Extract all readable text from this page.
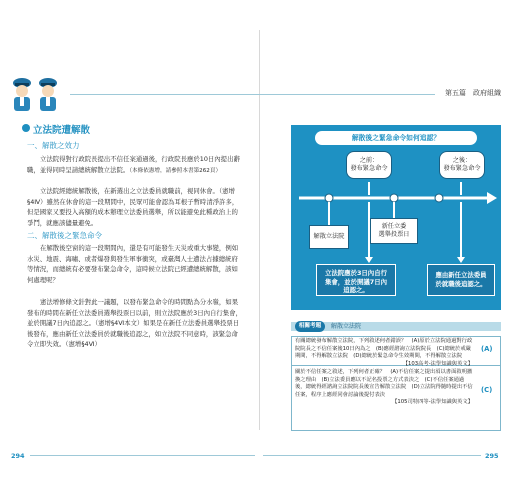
第五篇　政府組織
立法院遭解散
一、解散之效力
立法院得對行政院長提出不信任案通過後，行政院長應於10日內提出辭職，並得同時呈請總統解散立法院。（本條依憲增，請參照本書第262頁）
立法院經總統解散後，在新選出之立法委員就職前，視同休會。（憲增§4Ⅳ）雖然在休會的這一段期間中，民眾可能會認為耳根子暫時清淨許多，但是國家又要投入高額的成本辦理立法委員選舉，所以能避免此種政治上的爭鬥，就應該儘量避免。
二、解散後之緊急命令
在解散後空窗的這一段期間內，還是有可能發生天災或重大事變，例如水災、地震、海嘯、或者爆發與發生軍事衝突，或臺灣人士遭法占據總統府等情況，而總統有必要發布緊急命令，這時候立法院已經遭總統解散，該如何處理呢？
憲法增修條文針對此一議題，以發布緊急命令的時間點為分水嶺，如果發布的時間在新任立法委員選舉投票日以前，則立法院應於3日內自行集會，並於開議7日內追認之。（憲增§4Ⅵ本文）如果是在新任立法委員選舉投票日後發布，應由新任立法委員於就職後追認之，如立法院不同意時，該緊急命令立即失效。（憲增§4Ⅵ）
解散後之緊急命令如何追認？
之前：
發布緊急命令
之後：
發布緊急命令
解散立法院
新任立委
選舉投票日
立法院應於3日內自行集會，並於開議7日內追認之。
應由新任立法委員於就職後追認之。
相關考題	解散立法院
有關總統發布解散立法院，下列敘述何者錯誤？　(A)原於立法院通過對行政院院長之不信任案後10日內為之　(B)應經諮詢立法院院長　(C)總統於戒嚴期間，不得解散立法院　(D)總統於緊急命令生效期間，不得解散立法院

【103高考-法學知識與英文】
(A)
關於不信任案之敘述，下列何者正確？　(A)不信任案之提出須以書面敘明撤換之理由　(B)立法委員應以不記名投票之方式表決之　(C)不信任案通過後，總統得經諮詢立法院院長後宣告解散立法院　(D)立法院得隨時提出不信任案，程序上應經同會討論後提付表決

【105司特四等-法學知識與英文】
(C)
294	295
